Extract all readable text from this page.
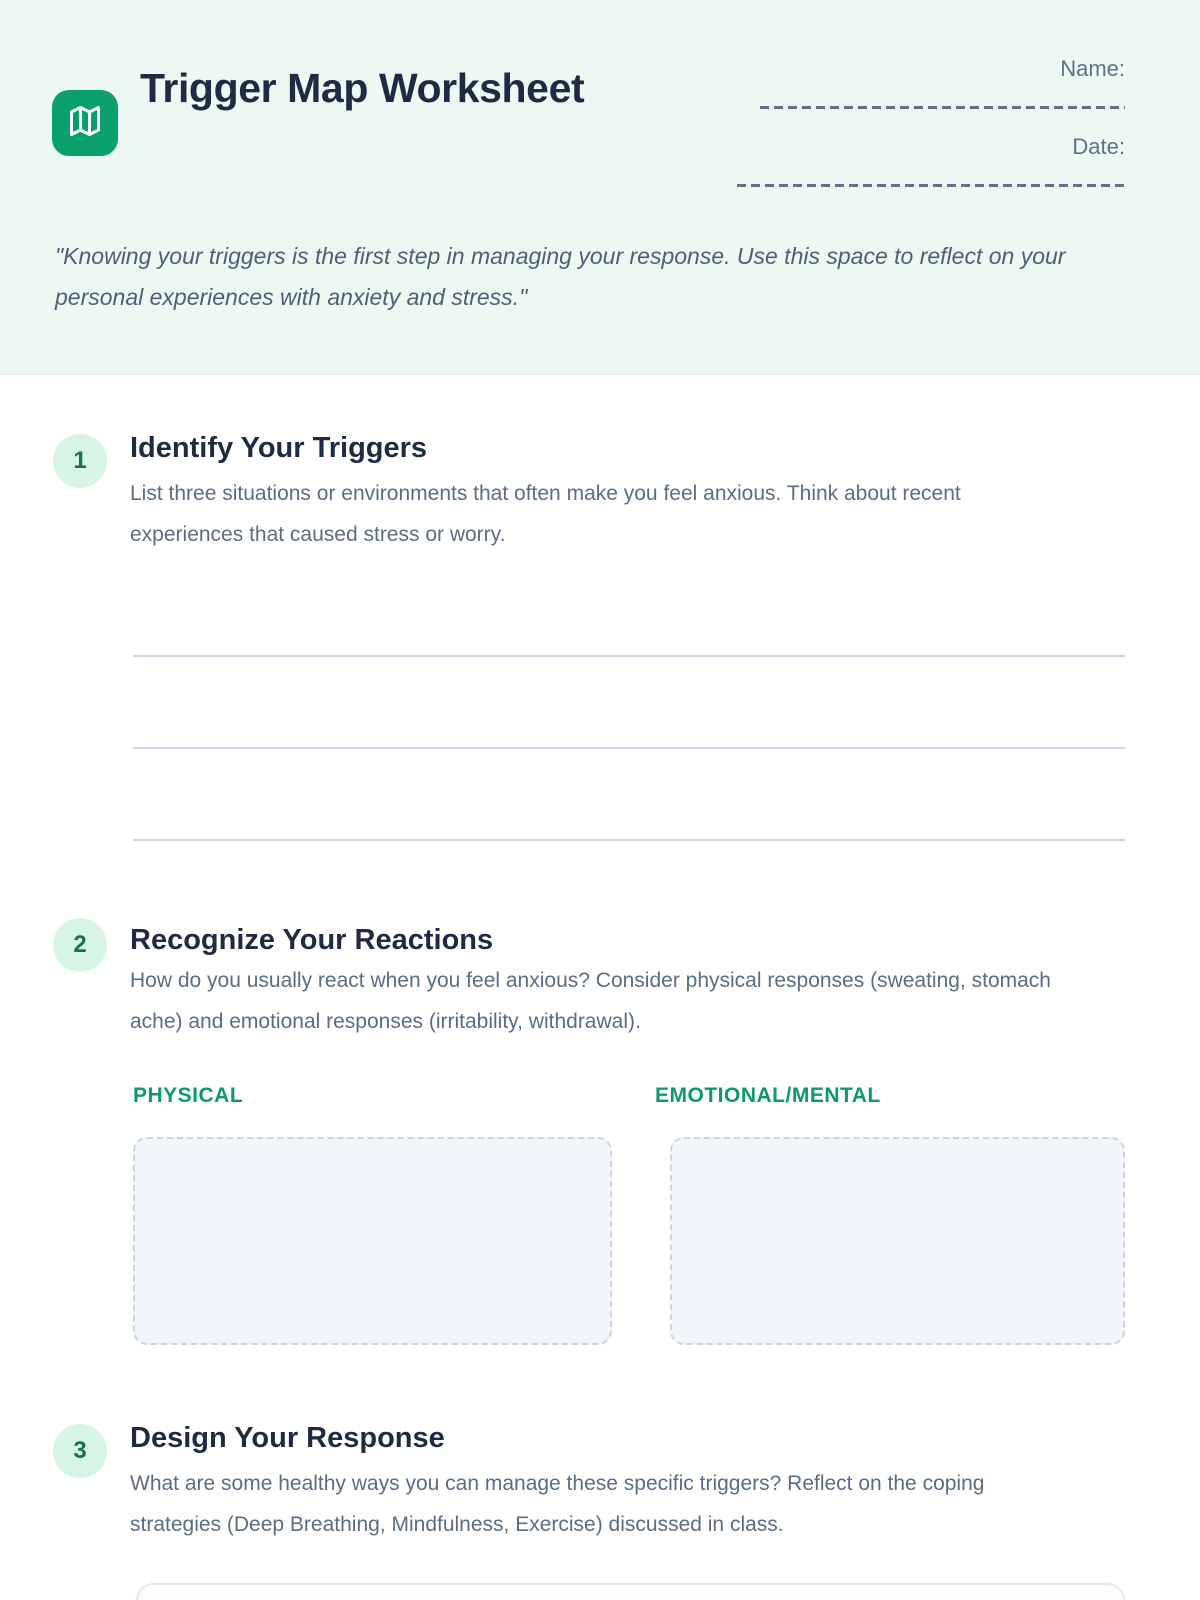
Trigger Map Worksheet	Name:
Date:
"Knowing your triggers is the first step in managing your response. Use this space to reflect on your personal experiences with anxiety and stress."
1	Identify Your Triggers
List three situations or environments that often make you feel anxious. Think about recent experiences that caused stress or worry.
2	Recognize Your Reactions
How do you usually react when you feel anxious? Consider physical responses (sweating, stomach ache) and emotional responses (irritability, withdrawal).
PHYSICAL	EMOTIONAL/MENTAL
3	Design Your Response
What are some healthy ways you can manage these specific triggers? Reflect on the coping strategies (Deep Breathing, Mindfulness, Exercise) discussed in class.
